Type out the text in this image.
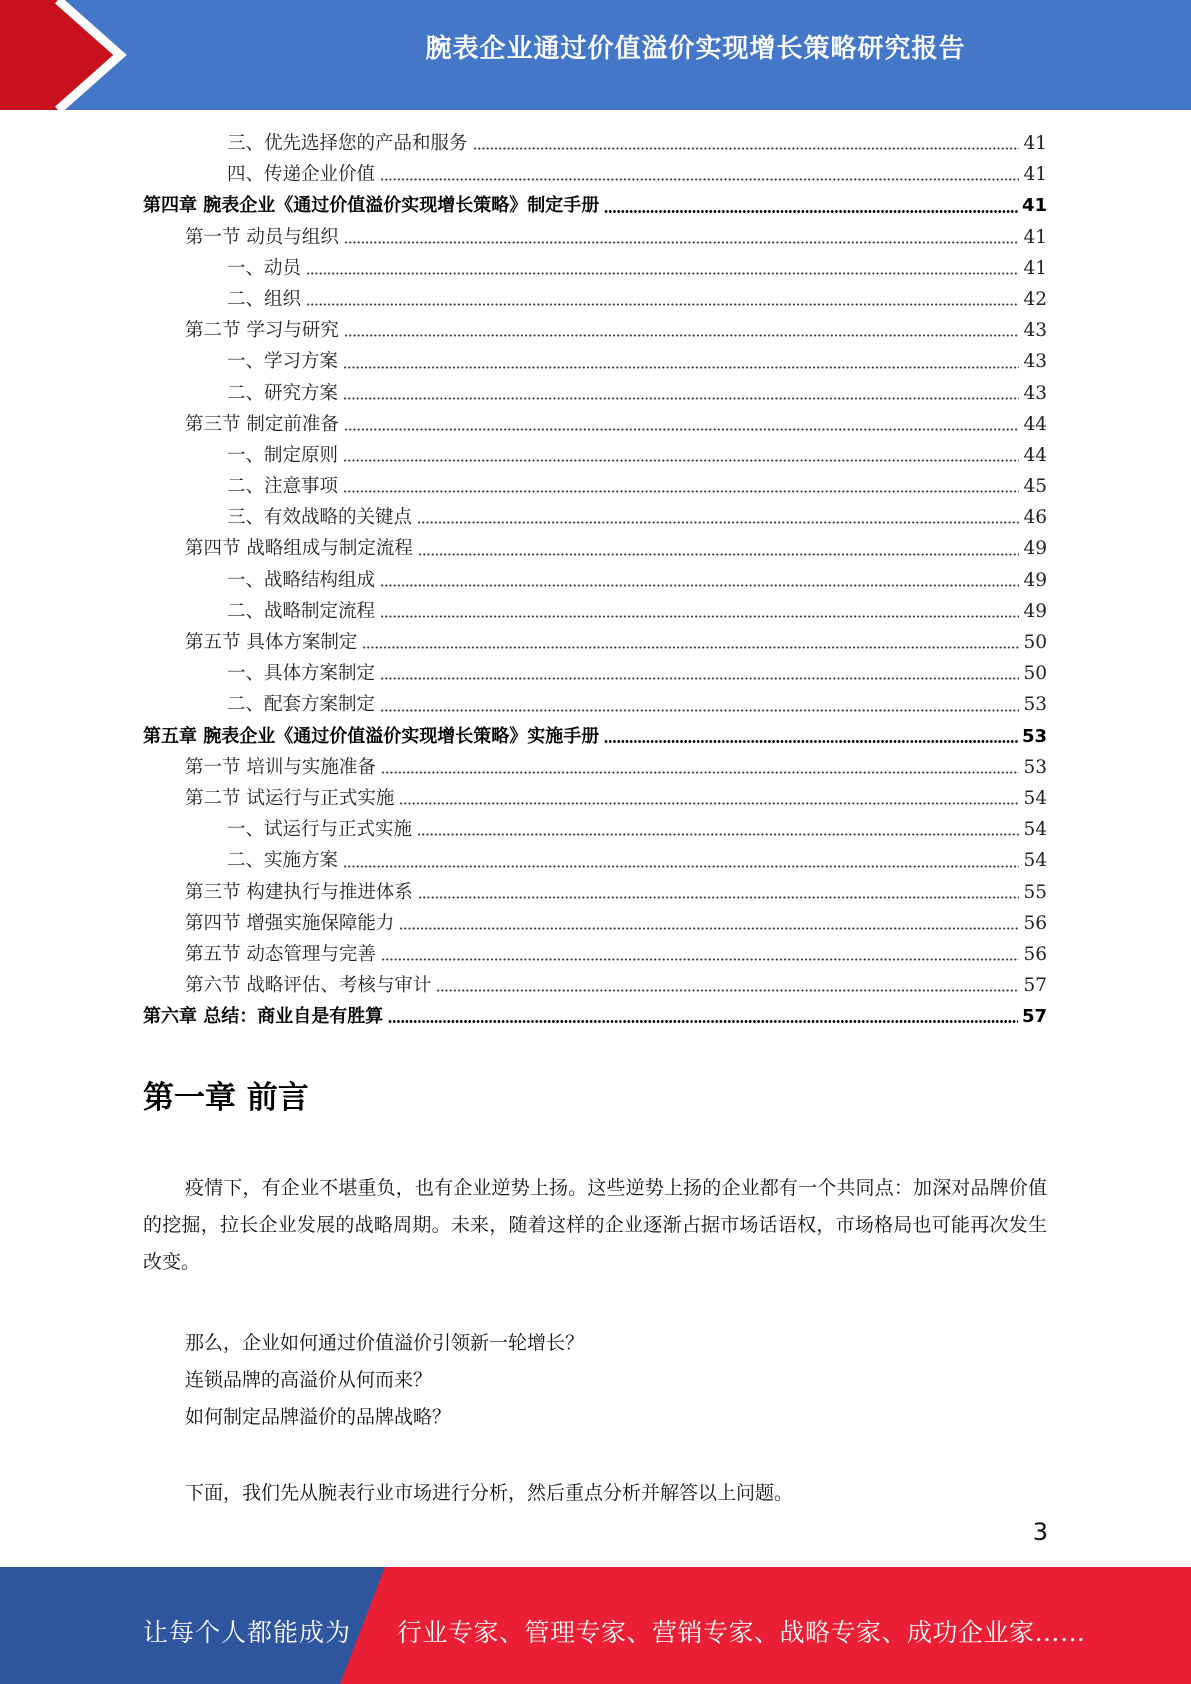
腕表企业通过价值溢价实现增长策略研究报告
三、优先选择您的产品和服务	41
四、传递企业价值	41
第四章 腕表企业《通过价值溢价实现增长策略》制定手册	41
第一节 动员与组织	41
一、动员	41
二、组织	42
第二节 学习与研究	43
一、学习方案	43
二、研究方案	43
第三节 制定前准备	44
一、制定原则	44
二、注意事项	45
三、有效战略的关键点	46
第四节 战略组成与制定流程	49
一、战略结构组成	49
二、战略制定流程	49
第五节 具体方案制定	50
一、具体方案制定	50
二、配套方案制定	53
第五章 腕表企业《通过价值溢价实现增长策略》实施手册	53
第一节 培训与实施准备	53
第二节 试运行与正式实施	54
一、试运行与正式实施	54
二、实施方案	54
第三节 构建执行与推进体系	55
第四节 增强实施保障能力	56
第五节 动态管理与完善	56
第六节 战略评估、考核与审计	57
第六章 总结：商业自是有胜算	57
第一章 前言

疫情下，有企业不堪重负，也有企业逆势上扬。这些逆势上扬的企业都有一个共同点：加深对品牌价值的挖掘，拉长企业发展的战略周期。未来，随着这样的企业逐渐占据市场话语权，市场格局也可能再次发生改变。

那么，企业如何通过价值溢价引领新一轮增长？
连锁品牌的高溢价从何而来？
如何制定品牌溢价的品牌战略？

下面，我们先从腕表行业市场进行分析，然后重点分析并解答以上问题。

3
让每个人都能成为 行业专家、管理专家、营销专家、战略专家、成功企业家……
